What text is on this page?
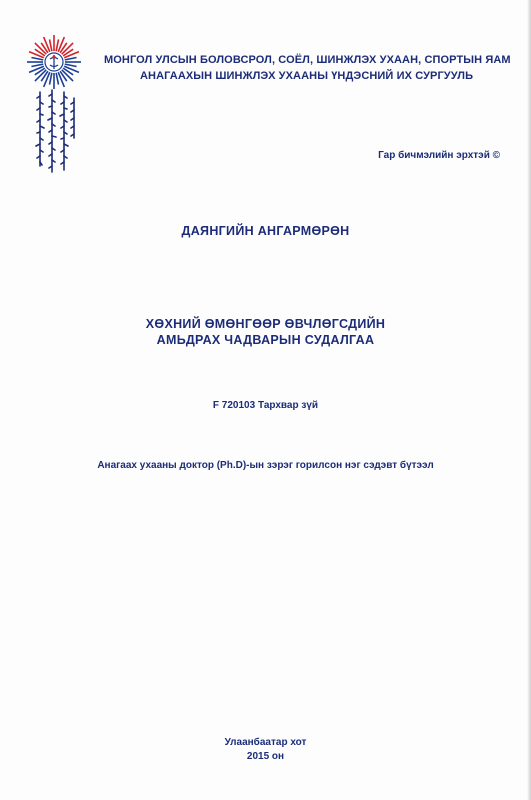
МОНГОЛ УЛСЫН БОЛОВСРОЛ, СОЁЛ, ШИНЖЛЭХ УХААН, СПОРТЫН ЯАМ
АНАГААХЫН ШИНЖЛЭХ УХААНЫ ҮНДЭСНИЙ ИХ СУРГУУЛЬ
Гар бичмэлийн эрхтэй ©
ДАЯНГИЙН АНГАРМӨРӨН
ХӨХНИЙ ӨМӨНГӨӨР ӨВЧЛӨГСДИЙН
АМЬДРАХ ЧАДВАРЫН СУДАЛГАА
F 720103 Тархвар зүй
Анагаах ухааны доктор (Ph.D)-ын зэрэг горилсон нэг сэдэвт бүтээл
Улаанбаатар хот
2015 он
